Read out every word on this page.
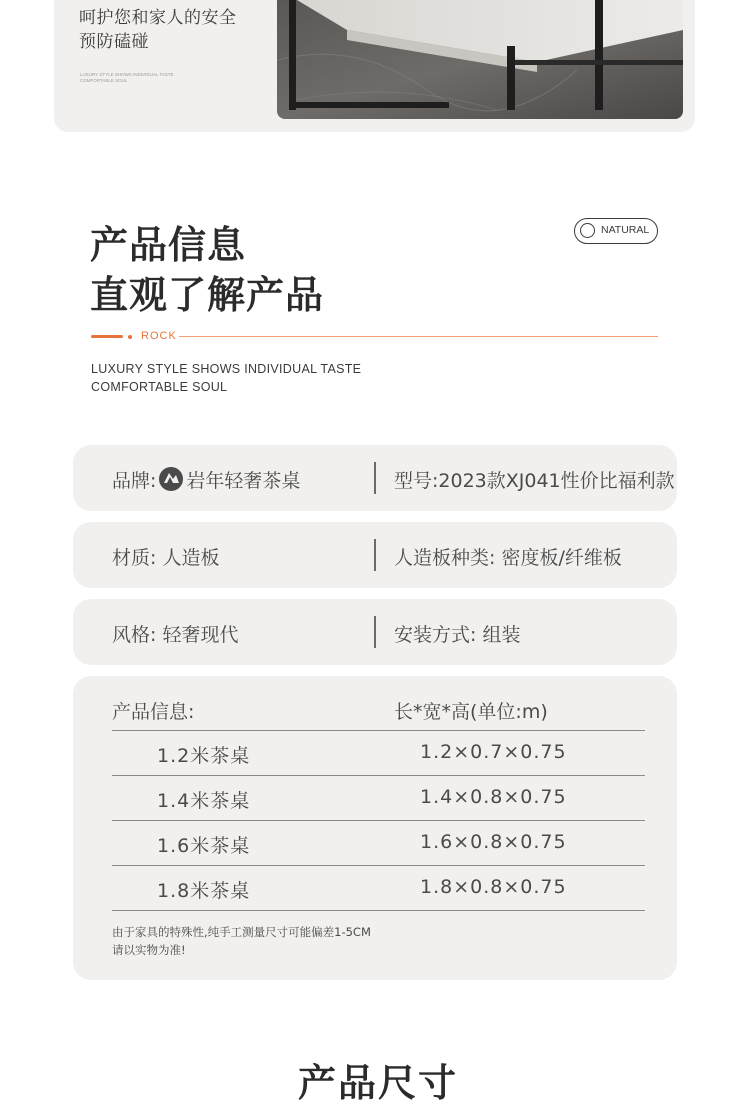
呵护您和家人的安全
预防磕碰
LUXURY STYLE SHOWS INDIVIDUAL TASTE
COMFORTABLE SOUL
产品信息
直观了解产品
NATURAL
ROCK
LUXURY STYLE SHOWS INDIVIDUAL TASTE
COMFORTABLE SOUL
品牌: 岩年轻奢茶桌	型号:2023款XJ041性价比福利款
材质: 人造板	人造板种类: 密度板/纤维板
风格: 轻奢现代	安装方式: 组装
产品信息:	长*宽*高(单位:m)
1.2米茶桌	1.2×0.7×0.75
1.4米茶桌	1.4×0.8×0.75
1.6米茶桌	1.6×0.8×0.75
1.8米茶桌	1.8×0.8×0.75
由于家具的特殊性,纯手工测量尺寸可能偏差1-5CM
请以实物为准!
产品尺寸
